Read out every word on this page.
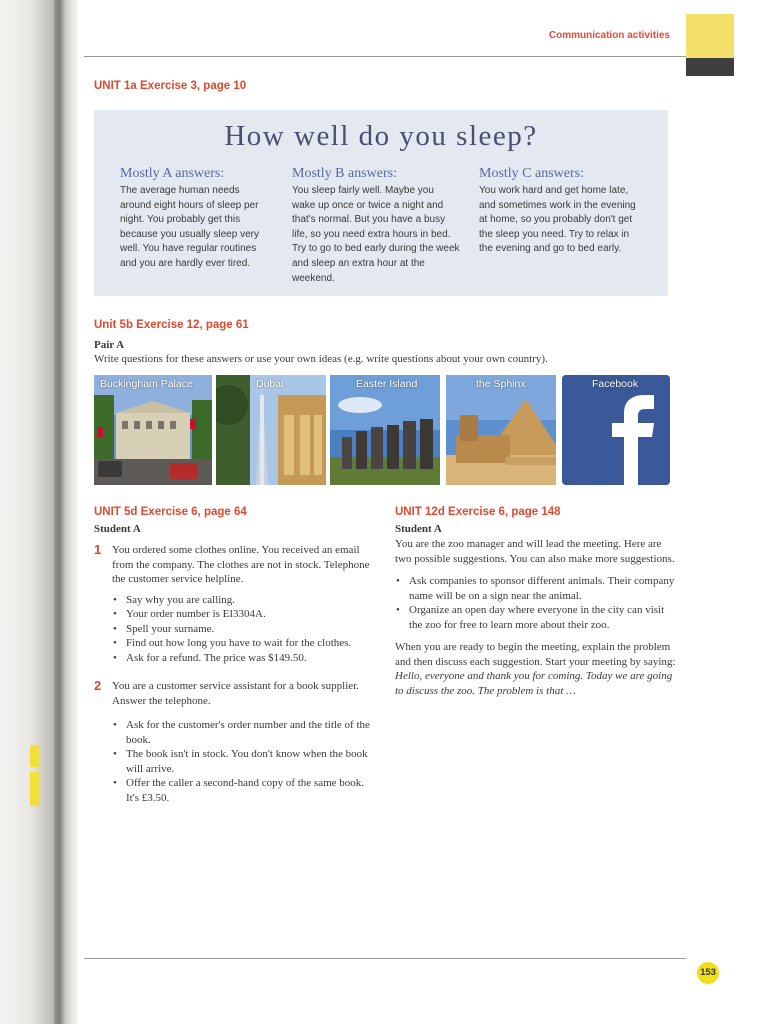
Communication activities
UNIT 1a Exercise 3, page 10
How well do you sleep?
Mostly A answers:

The average human needs around eight hours of sleep per night. You probably get this because you usually sleep very well. You have regular routines and you are hardly ever tired.

Mostly B answers:

You sleep fairly well. Maybe you wake up once or twice a night and that's normal. But you have a busy life, so you need extra hours in bed. Try to go to bed early during the week and sleep an extra hour at the weekend.

Mostly C answers:

You work hard and get home late, and sometimes work in the evening at home, so you probably don't get the sleep you need. Try to relax in the evening and go to bed early.

Unit 5b Exercise 12, page 61
Pair A
Write questions for these answers or use your own ideas (e.g. write questions about your own country).
Buckingham Palace	Dubai	Easter Island	the Sphinx	Facebook
UNIT 5d Exercise 6, page 64
Student A
1 You ordered some clothes online. You received an email from the company. The clothes are not in stock. Telephone the customer service helpline.
• Say why you are calling.
• Your order number is EI3304A.
• Spell your surname.
• Find out how long you have to wait for the clothes.
• Ask for a refund. The price was $149.50.
2 You are a customer service assistant for a book supplier. Answer the telephone.
• Ask for the customer's order number and the title of the book.
• The book isn't in stock. You don't know when the book will arrive.
• Offer the caller a second-hand copy of the same book. It's £3.50.
UNIT 12d Exercise 6, page 148
Student A
You are the zoo manager and will lead the meeting. Here are two possible suggestions. You can also make more suggestions.
• Ask companies to sponsor different animals. Their company name will be on a sign near the animal.
• Organize an open day where everyone in the city can visit the zoo for free to learn more about their zoo.
When you are ready to begin the meeting, explain the problem and then discuss each suggestion. Start your meeting by saying: Hello, everyone and thank you for coming. Today we are going to discuss the zoo. The problem is that …
153
